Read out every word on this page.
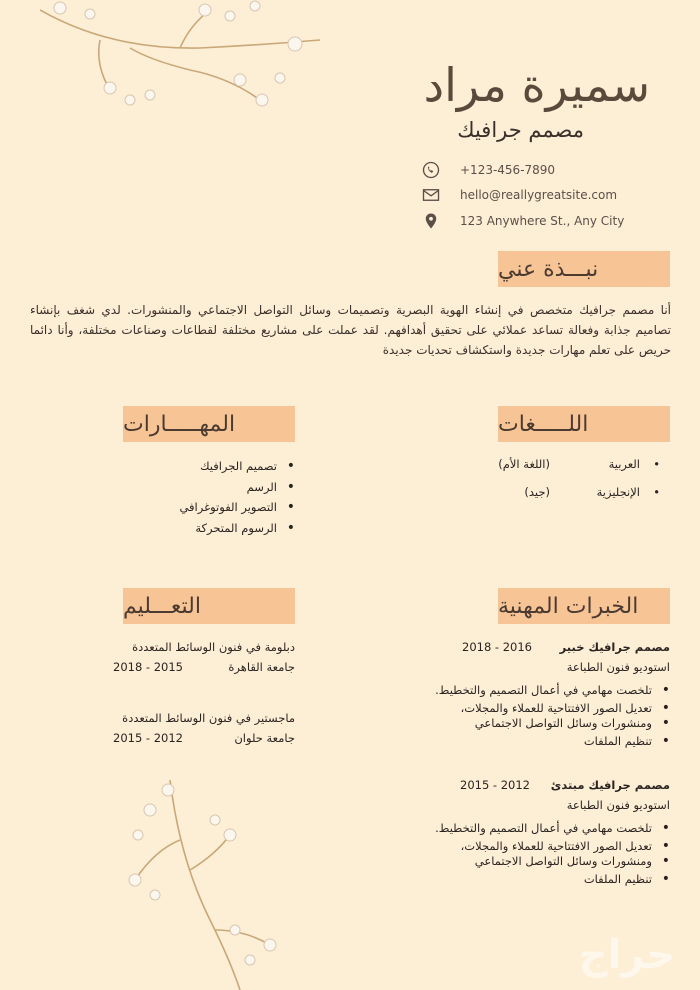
سميرة مراد
مصمم جرافيك
+123-456-7890
hello@reallygreatsite.com
123 Anywhere St., Any City
نبـــذة عني
أنا مصمم جرافيك متخصص في إنشاء الهوية البصرية وتصميمات وسائل التواصل الاجتماعي والمنشورات. لدي شغف بإنشاء تصاميم جذابة وفعالة تساعد عملائي على تحقيق أهدافهم. لقد عملت على مشاريع مختلفة لقطاعات وصناعات مختلفة، وأنا دائما حريص على تعلم مهارات جديدة واستكشاف تحديات جديدة
اللـــــغات
•
العربية
(اللغة الأم)
•
الإنجليزية
(جيد)
المهـــــارات
• تصميم الجرافيك
• الرسم
• التصوير الفوتوغرافي
• الرسوم المتحركة
الخبرات المهنية
مصمم جرافيك خبير
2018 - 2016
استوديو فنون الطباعة
• تلخصت مهامي في أعمال التصميم والتخطيط.
• تعديل الصور الافتتاحية للعملاء والمجلات،
• ومنشورات وسائل التواصل الاجتماعي
• تنظيم الملفات
مصمم جرافيك مبتدئ
2015 - 2012
استوديو فنون الطباعة
• تلخصت مهامي في أعمال التصميم والتخطيط.
• تعديل الصور الافتتاحية للعملاء والمجلات،
• ومنشورات وسائل التواصل الاجتماعي
• تنظيم الملفات
التعـــليم
دبلومة في فنون الوسائط المتعددة
جامعة القاهرة
2018 - 2015
ماجستير في فنون الوسائط المتعددة
جامعة حلوان
2015 - 2012
حراج
